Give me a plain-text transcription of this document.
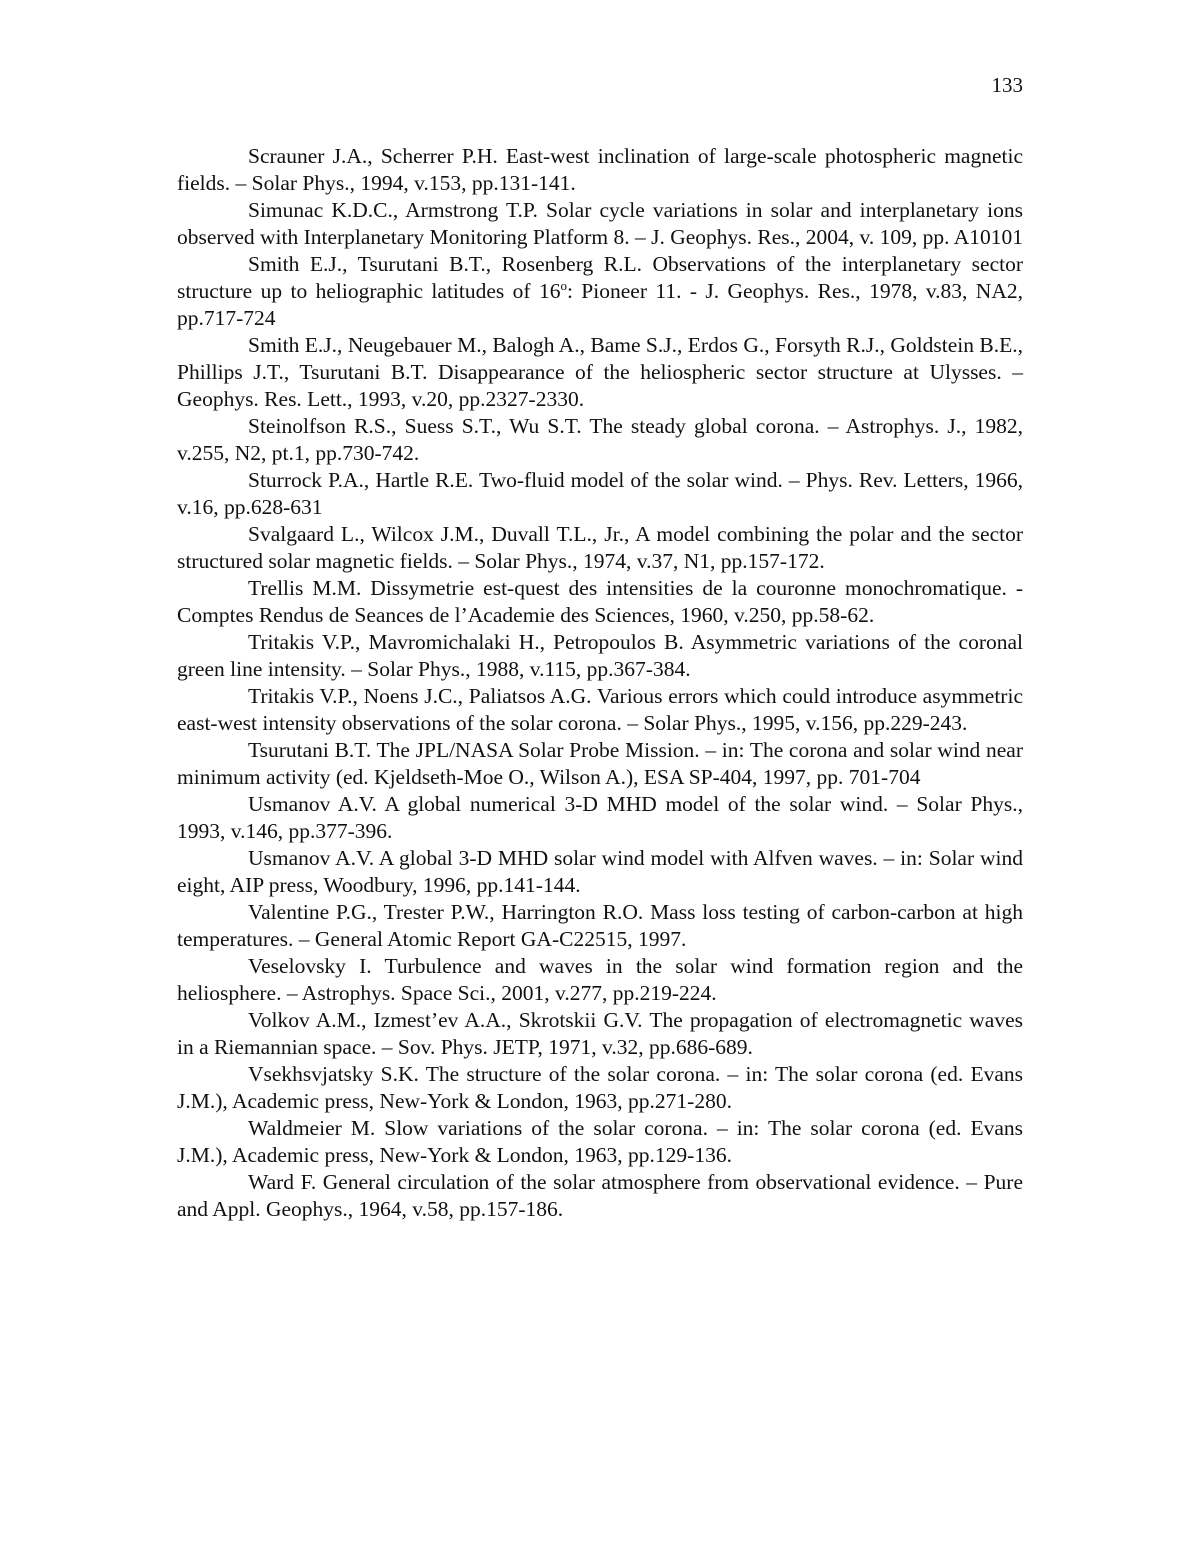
133

Scrauner J.A., Scherrer P.H. East-west inclination of large-scale photospheric magnetic fields. – Solar Phys., 1994, v.153, pp.131-141.

Simunac K.D.C., Armstrong T.P. Solar cycle variations in solar and interplanetary ions observed with Interplanetary Monitoring Platform 8. – J. Geophys. Res., 2004, v. 109, pp. A10101

Smith E.J., Tsurutani B.T., Rosenberg R.L. Observations of the interplanetary sector structure up to heliographic latitudes of 16$^o$: Pioneer 11. - J. Geophys. Res., 1978, v.83, NA2, pp.717-724

Smith E.J., Neugebauer M., Balogh A., Bame S.J., Erdos G., Forsyth R.J., Goldstein B.E., Phillips J.T., Tsurutani B.T. Disappearance of the heliospheric sector structure at Ulysses. – Geophys. Res. Lett., 1993, v.20, pp.2327-2330.

Steinolfson R.S., Suess S.T., Wu S.T. The steady global corona. – Astrophys. J., 1982, v.255, N2, pt.1, pp.730-742.

Sturrock P.A., Hartle R.E. Two-fluid model of the solar wind. – Phys. Rev. Letters, 1966, v.16, pp.628-631

Svalgaard L., Wilcox J.M., Duvall T.L., Jr., A model combining the polar and the sector structured solar magnetic fields. – Solar Phys., 1974, v.37, N1, pp.157-172.

Trellis M.M. Dissymetrie est-quest des intensities de la couronne monochromatique. - Comptes Rendus de Seances de l’Academie des Sciences, 1960, v.250, pp.58-62.

Tritakis V.P., Mavromichalaki H., Petropoulos B. Asymmetric variations of the coronal green line intensity. – Solar Phys., 1988, v.115, pp.367-384.

Tritakis V.P., Noens J.C., Paliatsos A.G. Various errors which could introduce asymmetric east-west intensity observations of the solar corona. – Solar Phys., 1995, v.156, pp.229-243.

Tsurutani B.T. The JPL/NASA Solar Probe Mission. – in: The corona and solar wind near minimum activity (ed. Kjeldseth-Moe O., Wilson A.), ESA SP-404, 1997, pp. 701-704

Usmanov A.V. A global numerical 3-D MHD model of the solar wind. – Solar Phys., 1993, v.146, pp.377-396.

Usmanov A.V. A global 3-D MHD solar wind model with Alfven waves. – in: Solar wind eight, AIP press, Woodbury, 1996, pp.141-144.

Valentine P.G., Trester P.W., Harrington R.O. Mass loss testing of carbon-carbon at high temperatures. – General Atomic Report GA-C22515, 1997.

Veselovsky I. Turbulence and waves in the solar wind formation region and the heliosphere. – Astrophys. Space Sci., 2001, v.277, pp.219-224.

Volkov A.M., Izmest’ev A.A., Skrotskii G.V. The propagation of electromagnetic waves in a Riemannian space. – Sov. Phys. JETP, 1971, v.32, pp.686-689.

Vsekhsvjatsky S.K. The structure of the solar corona. – in: The solar corona (ed. Evans J.M.), Academic press, New-York & London, 1963, pp.271-280.

Waldmeier M. Slow variations of the solar corona. – in: The solar corona (ed. Evans J.M.), Academic press, New-York & London, 1963, pp.129-136.

Ward F. General circulation of the solar atmosphere from observational evidence. – Pure and Appl. Geophys., 1964, v.58, pp.157-186.
